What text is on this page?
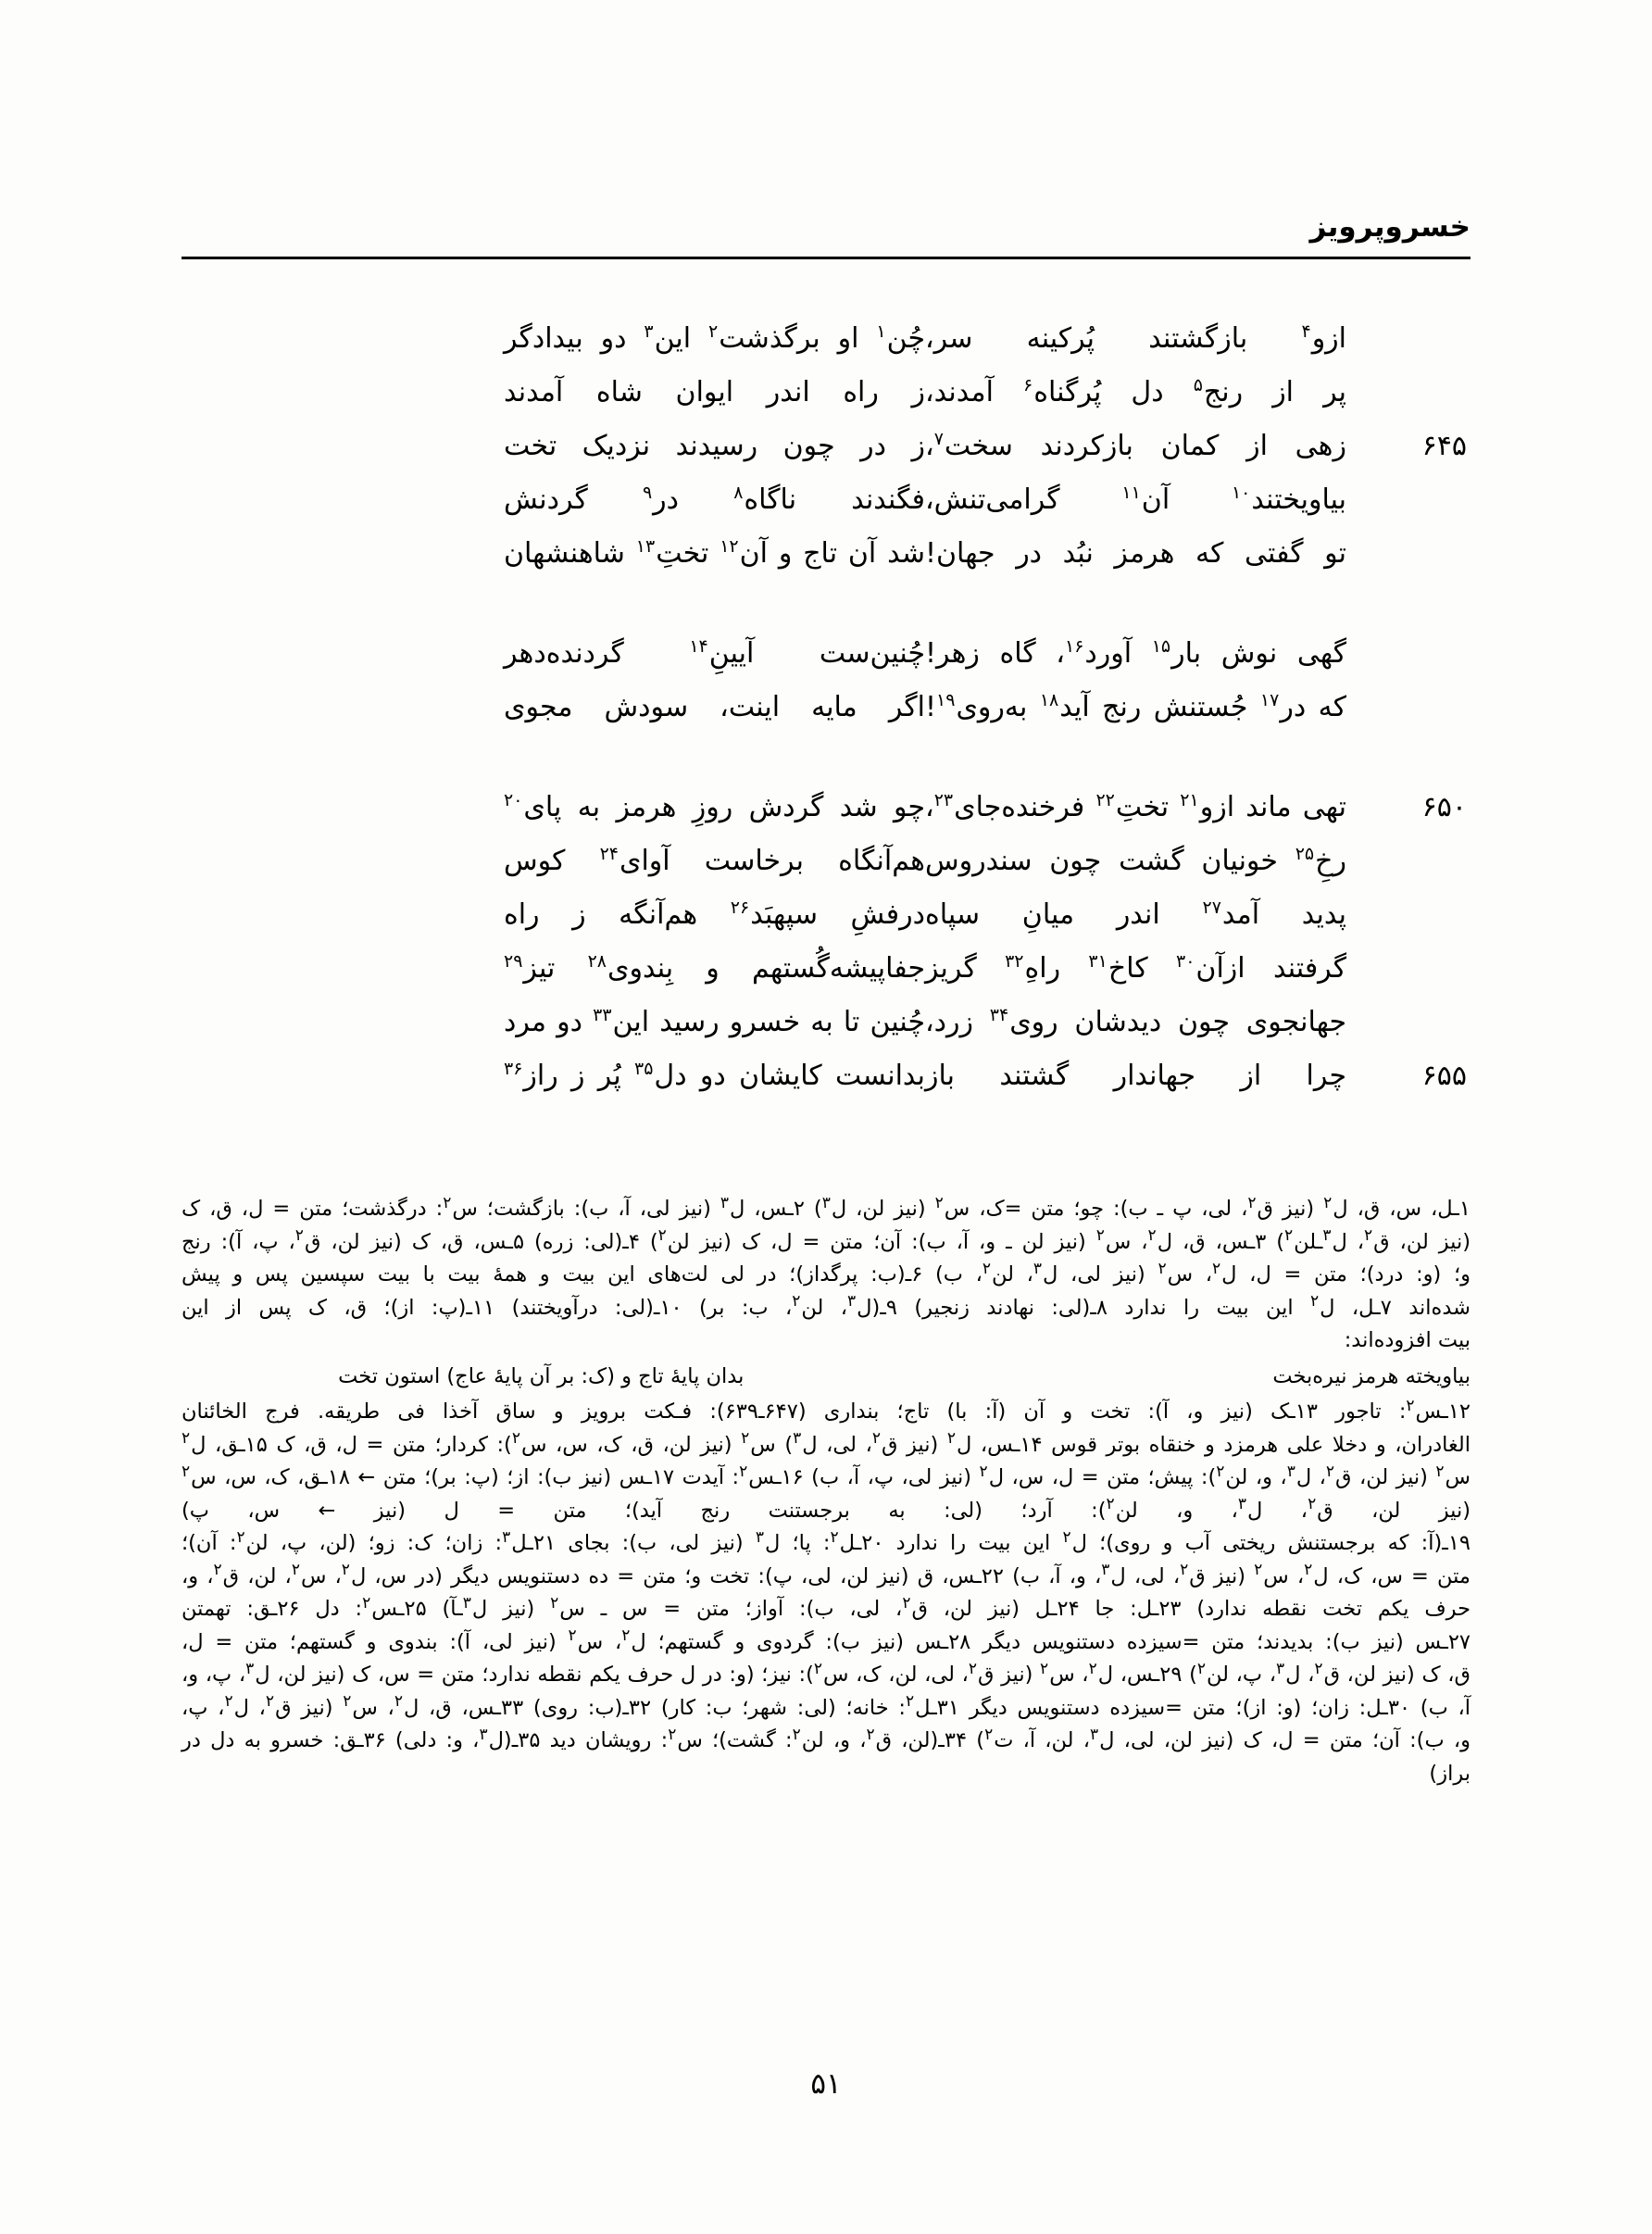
خسروپرویز
ازو$^۴$ بازگشتند پُرکینه سر،
چُن$^۱$ او برگذشت$^۲$ این$^۳$ دو بیدادگر
پر از رنج$^۵$ دل پُرگناه$^۶$ آمدند،
ز راه اندر ایوان شاه آمدند
۶۴۵
زهی از کمان بازکردند سخت$^۷$،
ز در چون رسیدند نزدیک تخت
بیاویختند$^{۱۰}$ آن$^{۱۱}$ گرامی‌تنش،
فگندند ناگاه$^۸$ در$^۹$ گردنش
تو گفتی که هرمز نبُد در جهان!
شد آن تاج و آن$^{۱۲}$ تختِ$^{۱۳}$ شاهنشهان
گهی نوش بار$^{۱۵}$ آورد$^{۱۶}$، گاه زهر!
چُنین‌ست آیینِ$^{۱۴}$ گردنده‌دهر
که در$^{۱۷}$ جُستنش رنج آید$^{۱۸}$ به‌روی$^{۱۹}$!
اگر مایه اینت، سودش مجوی
۶۵۰
تهی ماند ازو$^{۲۱}$ تختِ$^{۲۲}$ فرخنده‌جای$^{۲۳}$،
چو شد گردش روزِ هرمز به پای$^{۲۰}$
رخِ$^{۲۵}$ خونیان گشت چون سندروس
هم‌آنگاه برخاست آوای$^{۲۴}$ کوس
پدید آمد$^{۲۷}$ اندر میانِ سپاه
درفشِ سپهبَد$^{۲۶}$ هم‌آنگه ز راه
گرفتند ازآن$^{۳۰}$ کاخ$^{۳۱}$ راهِ$^{۳۲}$ گریز
جفاپیشه‌گُستهم و بِندوی$^{۲۸}$ تیز$^{۲۹}$
جهانجوی چون دیدشان روی$^{۳۴}$ زرد،
چُنین تا به خسرو رسید این$^{۳۳}$ دو مرد
۶۵۵
چرا از جهاندار گشتند باز
بدانست کایشان دو دل$^{۳۵}$ پُر ز راز$^{۳۶}$

۱ـل، س، ق، ل$^۲$ (نیز ق$^۲$، لی، پ ـ ب): چو؛ متن =ک، س$^۲$ (نیز لن، ل$^۳$) ۲ـس، ل$^۳$ (نیز لی، آ، ب): بازگشت؛ س$^۲$: درگذشت؛ متن = ل، ق، ک

(نیز لن، ق$^۲$، ل$^۳$ـلن$^۲$) ۳ـس، ق، ل$^۲$، س$^۲$ (نیز لن ـ و، آ، ب): آن؛ متن = ل، ک (نیز لن$^۲$) ۴ـ(لی: زره) ۵ـس، ق، ک (نیز لن، ق$^۲$، پ، آ): رنج

و؛ (و: درد)؛ متن = ل، ل$^۲$، س$^۲$ (نیز لی، ل$^۳$، لن$^۲$، ب) ۶ـ(ب: پرگداز)؛ در لی لت‌های این بیت و همهٔ بیت با بیت سپسین پس و پیش

شده‌اند ۷ـل، ل$^۲$ این بیت را ندارد ۸ـ(لی: نهادند زنجیر) ۹ـ(ل$^۳$، لن$^۲$، ب: بر) ۱۰ـ(لی: درآویختند) ۱۱ـ(پ: از)؛ ق، ک پس از این

بیت افزوده‌اند:

بیاویخته هرمز نیره‌بخت
بدان پایهٔ تاج و (ک: بر آن پایهٔ عاج) استون تخت

۱۲ـس$^۲$: تاجور ۱۳ـک (نیز و، آ): تخت و آن (آ: با) تاج؛ بنداری (۶۴۷ـ۶۳۹): فـکت برویز و ساق آخذا فی طریقه. فرج الخائنان

الغادران، و دخلا علی هرمزد و خنقاه بوتر قوس ۱۴ـس، ل$^۲$ (نیز ق$^۲$، لی، ل$^۳$) س$^۲$ (نیز لن، ق، ک، س، س$^۲$): کردار؛ متن = ل، ق، ک ۱۵ـق، ل$^۲$

س$^۲$ (نیز لن، ق$^۲$، ل$^۳$، و، لن$^۲$): پیش؛ متن = ل، س، ل$^۲$ (نیز لی، پ، آ، ب) ۱۶ـس$^۲$: آیدت ۱۷ـس (نیز ب): از؛ (پ: بر)؛ متن ← ۱۸ـق، ک، س، س$^۲$

(نیز لن، ق$^۲$، ل$^۳$، و، لن$^۲$): آرد؛ (لی: به برجستنت رنج آید)؛ متن = ل (نیز ← س، پ)

۱۹ـ(آ: که برجستنش ریختی آب و روی)؛ ل$^۲$ این بیت را ندارد ۲۰ـل$^۲$: پا؛ ل$^۳$ (نیز لی، ب): بجای ۲۱ـل$^۳$: زان؛ ک: زو؛ (لن، پ، لن$^۲$: آن)؛

متن = س، ک، ل$^۲$، س$^۲$ (نیز ق$^۲$، لی، ل$^۳$، و، آ، ب) ۲۲ـس، ق (نیز لن، لی، پ): تخت و؛ متن = ده دستنویس دیگر (در س، ل$^۲$، س$^۲$، لن، ق$^۲$، و،

حرف یکم تخت نقطه ندارد) ۲۳ـل: جا ۲۴ـل (نیز لن، ق$^۲$، لی، ب): آواز؛ متن = س ـ س$^۲$ (نیز ل$^۳$ـآ) ۲۵ـس$^۲$: دل ۲۶ـق: تهمتن

۲۷ـس (نیز ب): بدیدند؛ متن =سیزده دستنویس دیگر ۲۸ـس (نیز ب): گردوی و گستهم؛ ل$^۲$، س$^۲$ (نیز لی، آ): بندوی و گستهم؛ متن = ل،

ق، ک (نیز لن، ق$^۲$، ل$^۳$، پ، لن$^۲$) ۲۹ـس، ل$^۲$، س$^۲$ (نیز ق$^۲$، لی، لن، ک، س$^۲$): نیز؛ (و: در ل حرف یکم نقطه ندارد؛ متن = س، ک (نیز لن، ل$^۳$، پ، و،

آ، ب) ۳۰ـل: زان؛ (و: از)؛ متن =سیزده دستنویس دیگر ۳۱ـل$^۲$: خانه؛ (لی: شهر؛ ب: کار) ۳۲ـ(ب: روی) ۳۳ـس، ق، ل$^۲$، س$^۲$ (نیز ق$^۲$، ل$^۲$، پ،

و، ب): آن؛ متن = ل، ک (نیز لن، لی، ل$^۳$، لن، آ، ت$^۲$) ۳۴ـ(لن، ق$^۲$، و، لن$^۲$: گشت)؛ س$^۲$: رویشان دید ۳۵ـ(ل$^۳$، و: دلی) ۳۶ـق: خسرو به دل در

براز)

۵۱
